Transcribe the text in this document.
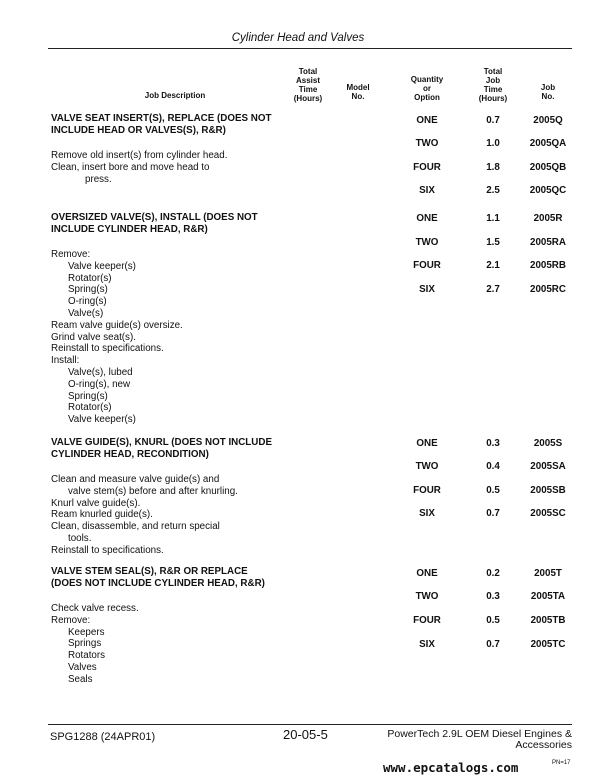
Cylinder Head and Valves
Job Description
Total
Assist
Time
(Hours)
Model
No.
Quantity
or
Option
Total
Job
Time
(Hours)
Job
No.
VALVE SEAT INSERT(S), REPLACE (DOES NOT
INCLUDE HEAD OR VALVES(S), R&R)
Remove old insert(s) from cylinder head.
Clean, insert bore and move head to
press.
ONE	0.7	2005Q
TWO	1.0	2005QA
FOUR	1.8	2005QB
SIX	2.5	2005QC
OVERSIZED VALVE(S), INSTALL (DOES NOT
INCLUDE CYLINDER HEAD, R&R)
Remove:
Valve keeper(s)
Rotator(s)
Spring(s)
O-ring(s)
Valve(s)
Ream valve guide(s) oversize.
Grind valve seat(s).
Reinstall to specifications.
Install:
Valve(s), lubed
O-ring(s), new
Spring(s)
Rotator(s)
Valve keeper(s)
ONE	1.1	2005R
TWO	1.5	2005RA
FOUR	2.1	2005RB
SIX	2.7	2005RC
VALVE GUIDE(S), KNURL (DOES NOT INCLUDE
CYLINDER HEAD, RECONDITION)
Clean and measure valve guide(s) and
valve stem(s) before and after knurling.
Knurl valve guide(s).
Ream knurled guide(s).
Clean, disassemble, and return special
tools.
Reinstall to specifications.
ONE	0.3	2005S
TWO	0.4	2005SA
FOUR	0.5	2005SB
SIX	0.7	2005SC
VALVE STEM SEAL(S), R&R OR REPLACE
(DOES NOT INCLUDE CYLINDER HEAD, R&R)
Check valve recess.
Remove:
Keepers
Springs
Rotators
Valves
Seals
ONE	0.2	2005T
TWO	0.3	2005TA
FOUR	0.5	2005TB
SIX	0.7	2005TC
SPG1288 (24APR01)	20-05-5	PowerTech 2.9L OEM Diesel Engines &
Accessories
PN=17
www.epcatalogs.com
